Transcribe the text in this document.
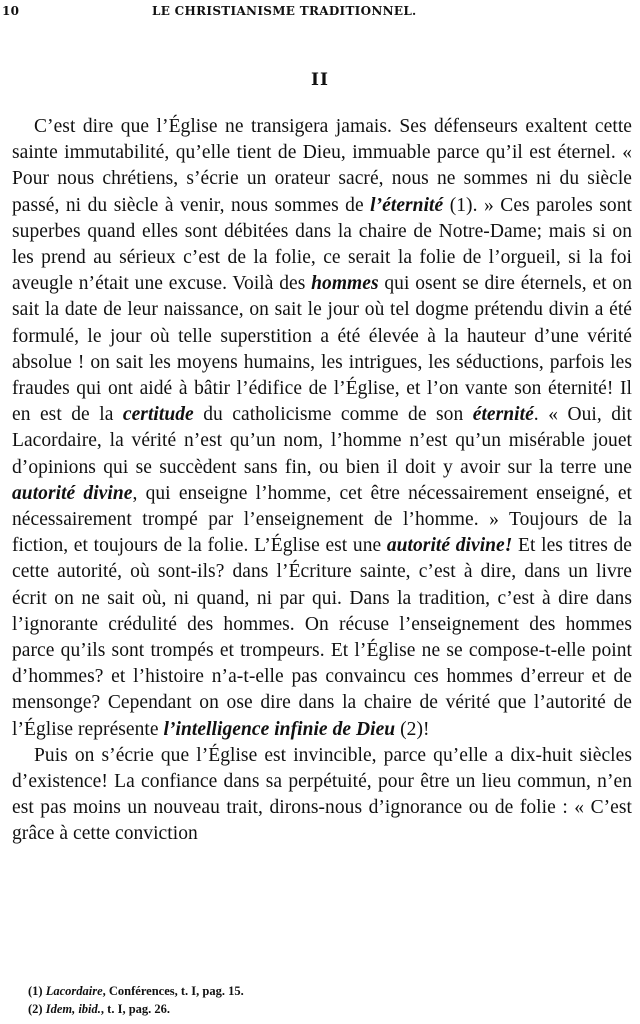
10	LE CHRISTIANISME TRADITIONNEL.
II

C’est dire que l’Église ne transigera jamais. Ses défenseurs exaltent cette sainte immutabilité, qu’elle tient de Dieu, immuable parce qu’il est éternel. « Pour nous chrétiens, s’écrie un orateur sacré, nous ne sommes ni du siècle passé, ni du siècle à venir, nous sommes de l’éternité (1). » Ces paroles sont superbes quand elles sont débitées dans la chaire de Notre-Dame; mais si on les prend au sérieux c’est de la folie, ce serait la folie de l’orgueil, si la foi aveugle n’était une excuse. Voilà des hommes qui osent se dire éternels, et on sait la date de leur naissance, on sait le jour où tel dogme prétendu divin a été formulé, le jour où telle superstition a été élevée à la hauteur d’une vérité absolue ! on sait les moyens humains, les intrigues, les séductions, parfois les fraudes qui ont aidé à bâtir l’édifice de l’Église, et l’on vante son éternité! Il en est de la certitude du catholicisme comme de son éternité. « Oui, dit Lacordaire, la vérité n’est qu’un nom, l’homme n’est qu’un misérable jouet d’opinions qui se succèdent sans fin, ou bien il doit y avoir sur la terre une autorité divine, qui enseigne l’homme, cet être nécessairement enseigné, et nécessairement trompé par l’enseignement de l’homme. » Toujours de la fiction, et toujours de la folie. L’Église est une autorité divine! Et les titres de cette autorité, où sont-ils? dans l’Écriture sainte, c’est à dire, dans un livre écrit on ne sait où, ni quand, ni par qui. Dans la tradition, c’est à dire dans l’ignorante crédulité des hommes. On récuse l’enseignement des hommes parce qu’ils sont trompés et trompeurs. Et l’Église ne se compose-t-elle point d’hommes? et l’histoire n’a-t-elle pas convaincu ces hommes d’erreur et de mensonge? Cependant on ose dire dans la chaire de vérité que l’autorité de l’Église représente l’intelligence infinie de Dieu (2)!

Puis on s’écrie que l’Église est invincible, parce qu’elle a dix-huit siècles d’existence! La confiance dans sa perpétuité, pour être un lieu commun, n’en est pas moins un nouveau trait, dirons-nous d’ignorance ou de folie : « C’est grâce à cette conviction

(1) Lacordaire, Conférences, t. I, pag. 15.
(2) Idem, ibid., t. I, pag. 26.
